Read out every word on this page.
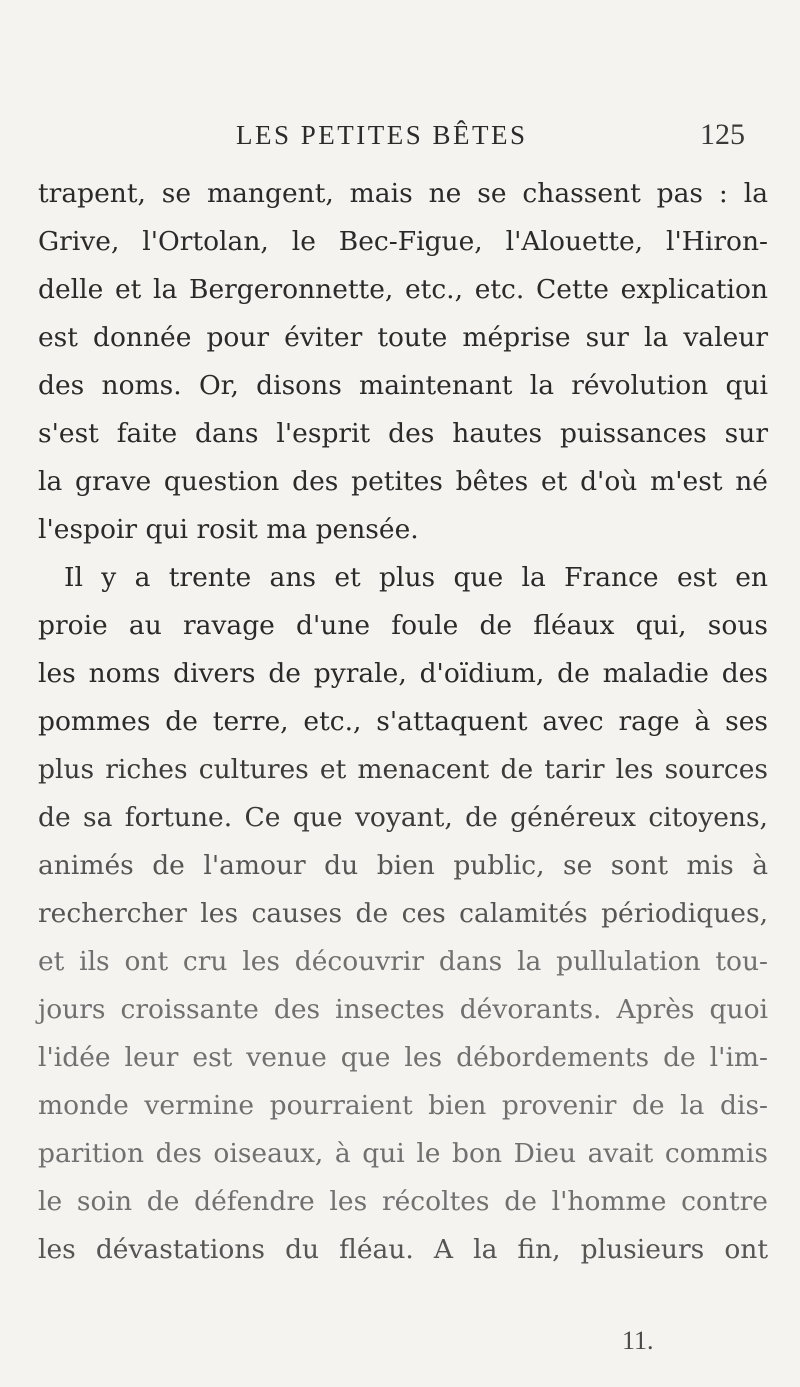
LES PETITES BÊTES	125
trapent, se mangent, mais ne se chassent pas : la
Grive, l'Ortolan, le Bec-Figue, l'Alouette, l'Hiron-
delle et la Bergeronnette, etc., etc. Cette explication
est donnée pour éviter toute méprise sur la valeur
des noms. Or, disons maintenant la révolution qui
s'est faite dans l'esprit des hautes puissances sur
la grave question des petites bêtes et d'où m'est né
l'espoir qui rosit ma pensée.
Il y a trente ans et plus que la France est en
proie au ravage d'une foule de fléaux qui, sous
les noms divers de pyrale, d'oïdium, de maladie des
pommes de terre, etc., s'attaquent avec rage à ses
plus riches cultures et menacent de tarir les sources
de sa fortune. Ce que voyant, de généreux citoyens,
animés de l'amour du bien public, se sont mis à
rechercher les causes de ces calamités périodiques,
et ils ont cru les découvrir dans la pullulation tou-
jours croissante des insectes dévorants. Après quoi
l'idée leur est venue que les débordements de l'im-
monde vermine pourraient bien provenir de la dis-
parition des oiseaux, à qui le bon Dieu avait commis
le soin de défendre les récoltes de l'homme contre
les dévastations du fléau. A la fin, plusieurs ont
11.
